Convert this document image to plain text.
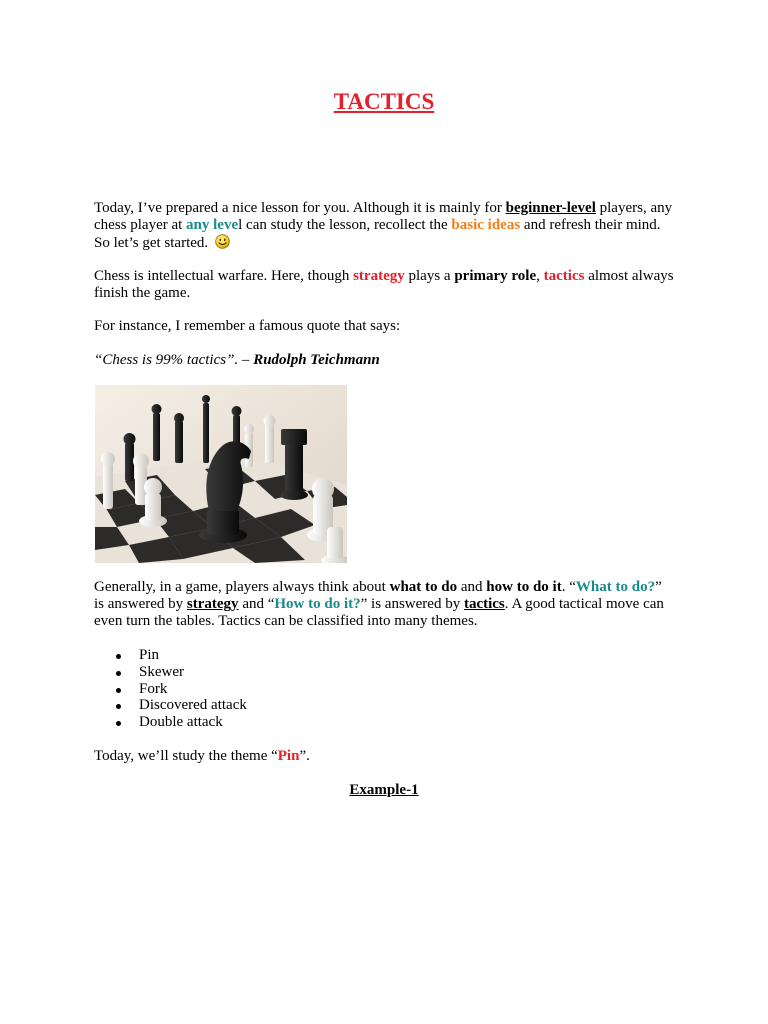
TACTICS

Today, I’ve prepared a nice lesson for you. Although it is mainly for beginner-level players, any chess player at any level can study the lesson, recollect the basic ideas and refresh their mind. So let’s get started.

Chess is intellectual warfare. Here, though strategy plays a primary role, tactics almost always finish the game.

For instance, I remember a famous quote that says:

“Chess is 99% tactics”. – Rudolph Teichmann

Generally, in a game, players always think about what to do and how to do it. “What to do?” is answered by strategy and “How to do it?” is answered by tactics. A good tactical move can even turn the tables. Tactics can be classified into many themes.

Pin
Skewer
Fork
Discovered attack
Double attack

Today, we’ll study the theme “Pin”.

Example-1
